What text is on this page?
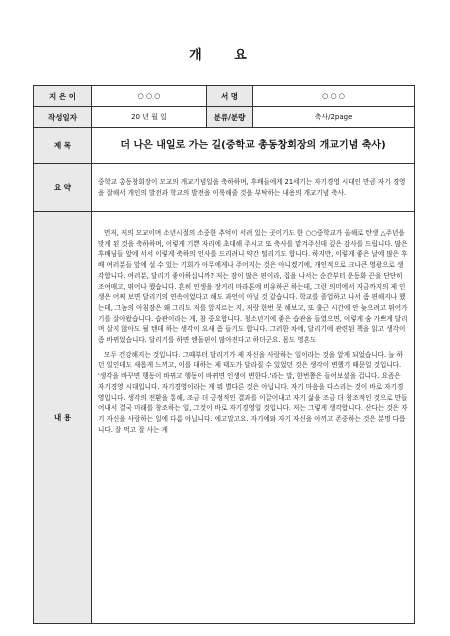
개 요
지 은 이	○ ○ ○	서 명	○ ○ ○
작성일자	20 년 월 일	분류/분량	축사/2page
제 목	더 나은 내일로 가는 길(중학교 총동창회장의 개교기념 축사)		
요 약	중학교 총동창회장이 모교의 개교기념일을 축하하며, 후배들에게 21세기는 자기경영 시대인 만큼 자기 경영을 잘해서 개인의 발전과 학교의 발전을 이룩해줄 것을 부탁하는 내용의 개교기념 축사.		
내 용	먼저, 저의 모교이며 소년시절의 소중한 추억이 서려 있는 곳이기도 한 ○○중학교가 올해로 탄생 △주년을 맞게 된 것을 축하하며, 이렇게 기쁜 자리에 초대해 주시고 또 축사를 맡겨주신데 깊은 감사를 드립니다. 많은 후배님들 앞에 서서 이렇게 축하의 인사를 드리려니 약간 떨리기도 합니다. 하지만, 이렇게 좋은 날에 많은 후배 여러분들 앞에 설 수 있는 기회가 아무에게나 주어지는 것은 아니겠기에, 개인적으로 크나큰 영광으로 생각합니다. 여러분, 달리기 좋아하십니까? 저는 잠이 많은 편이라, 집을 나서는 순간부터 운동화 끈을 단단히 조여매고, 뛰어나 했습니다. 흔히 인생을 장거리 마라톤에 비유하곤 하는데, 그런 의미에서 지금까지의 제 인생은 어찌 보면 달리기의 연속이었다고 해도 과언이 아닐 것 같습니다. 학교를 졸업하고 나서 좀 편해지나 했는데, 그놈의 아침잠은 왜 그리도 저를 앞지르는 지, 저랑 한번 못 해보고, 또 출근 시간에 안 늦으려고 뛰어가기를 살아왔습니다. 습관이라는 게, 참 중요합니다. 청소년기에 좋은 습관을 들였으면, 이렇게 숨 가쁘게 달리며 살지 않아도 될 텐데 하는 생각이 요새 좀 들기도 합니다. 그러한 차에, 달리기에 관련된 책을 읽고 생각이 좀 바뀌었습니다. 달리기를 하면 엔돌핀이 많아진다고 하더군요. 몸도 영혼도

모두 건강해지는 것입니다. 그때부터 달리기가 제 자신을 사랑하는 일이라는 것을 알게 되었습니다. 늘 하던 일인데도 새롭게 느끼고, 이를 대하는 제 태도가 달라질 수 있었던 것은 생각이 변했기 때문일 것입니다. '생각을 바꾸면 행동이 바뀌고 행동이 바뀌면 인생이 변한다.'라는 말, 한번쯤은 들어보셨을 겁니다. 요즘은 자기경영 시대입니다. 자기경영이라는 게 뭐 별다른 것은 아닙니다. 자기 마음을 다스리는 것이 바로 자기경영입니다. 생각의 전환을 통해, 조금 더 긍정적인 결과를 이끌어내고 자기 삶을 조금 더 창조적인 것으로 만들어내서 결국 미래를 창조하는 일, 그것이 바로 자기경영일 것입니다. 저는 그렇게 생각합니다. 산다는 것은 자기 자신을 사랑하는 일에 다름 아닙니다. 에고말고요. 자기에와 자기 자신을 아끼고 존중하는 것은 분명 다릅니다. 잘 먹고 잘 사는 게		
